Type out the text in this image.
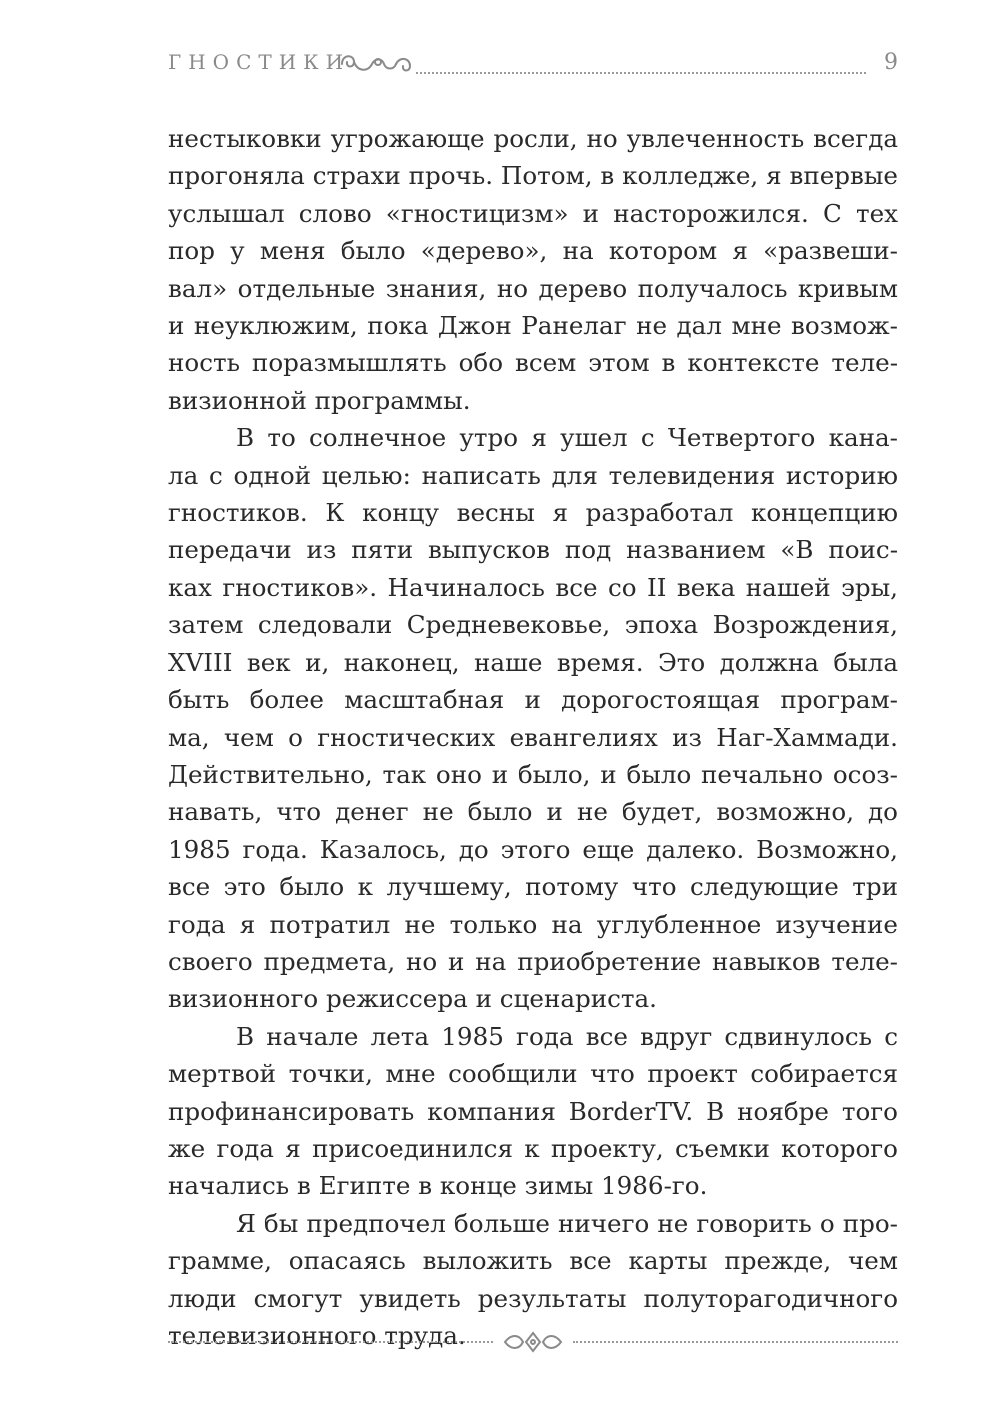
ГНОСТИКИ	9
нестыковки угрожающе росли, но увлеченность всегда
прогоняла страхи прочь. Потом, в колледже, я впервые
услышал слово «гностицизм» и насторожился. С тех
пор у меня было «дерево», на котором я «развеши-
вал» отдельные знания, но дерево получалось кривым
и неуклюжим, пока Джон Ранелаг не дал мне возмож-
ность поразмышлять обо всем этом в контексте теле-
визионной программы.
В то солнечное утро я ушел с Четвертого кана-
ла с одной целью: написать для телевидения историю
гностиков. К концу весны я разработал концепцию
передачи из пяти выпусков под названием «В поис-
ках гностиков». Начиналось все со II века нашей эры,
затем следовали Средневековье, эпоха Возрождения,
XVIII век и, наконец, наше время. Это должна была
быть более масштабная и дорогостоящая програм-
ма, чем о гностических евангелиях из Наг-Хаммади.
Действительно, так оно и было, и было печально осоз-
навать, что денег не было и не будет, возможно, до
1985 года. Казалось, до этого еще далеко. Возможно,
все это было к лучшему, потому что следующие три
года я потратил не только на углубленное изучение
своего предмета, но и на приобретение навыков теле-
визионного режиссера и сценариста.
В начале лета 1985 года все вдруг сдвинулось с
мертвой точки, мне сообщили что проект собирается
профинансировать компания BorderTV. В ноябре того
же года я присоединился к проекту, съемки которого
начались в Египте в конце зимы 1986-го.
Я бы предпочел больше ничего не говорить о про-
грамме, опасаясь выложить все карты прежде, чем
люди смогут увидеть результаты полуторагодичного
телевизионного труда.
